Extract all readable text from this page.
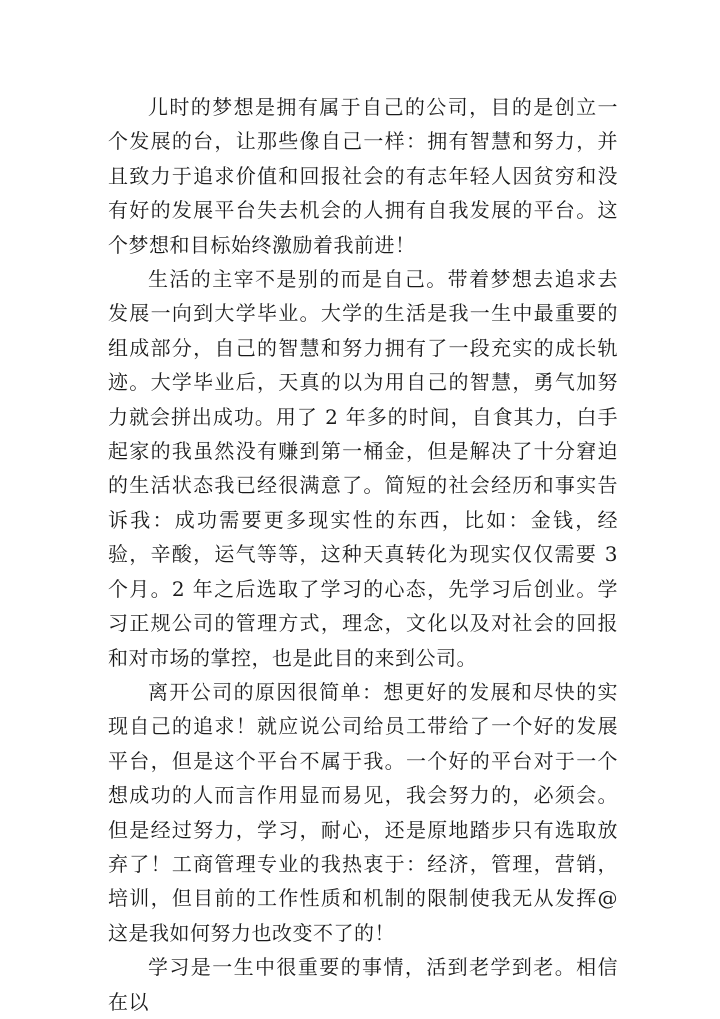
儿时的梦想是拥有属于自己的公司，目的是创立一个发展的台，让那些像自己一样：拥有智慧和努力，并且致力于追求价值和回报社会的有志年轻人因贫穷和没有好的发展平台失去机会的人拥有自我发展的平台。这个梦想和目标始终激励着我前进！

生活的主宰不是别的而是自己。带着梦想去追求去发展一向到大学毕业。大学的生活是我一生中最重要的组成部分，自己的智慧和努力拥有了一段充实的成长轨迹。大学毕业后，天真的以为用自己的智慧，勇气加努力就会拼出成功。用了 2 年多的时间，自食其力，白手起家的我虽然没有赚到第一桶金，但是解决了十分窘迫的生活状态我已经很满意了。简短的社会经历和事实告诉我：成功需要更多现实性的东西，比如：金钱，经验，辛酸，运气等等，这种天真转化为现实仅仅需要 3 个月。2 年之后选取了学习的心态，先学习后创业。学习正规公司的管理方式，理念，文化以及对社会的回报和对市场的掌控，也是此目的来到公司。

离开公司的原因很简单：想更好的发展和尽快的实现自己的追求！就应说公司给员工带给了一个好的发展平台，但是这个平台不属于我。一个好的平台对于一个想成功的人而言作用显而易见，我会努力的，必须会。但是经过努力，学习，耐心，还是原地踏步只有选取放弃了！工商管理专业的我热衷于：经济，管理，营销，培训，但目前的工作性质和机制的限制使我无从发挥@这是我如何努力也改变不了的！

学习是一生中很重要的事情，活到老学到老。相信在以
